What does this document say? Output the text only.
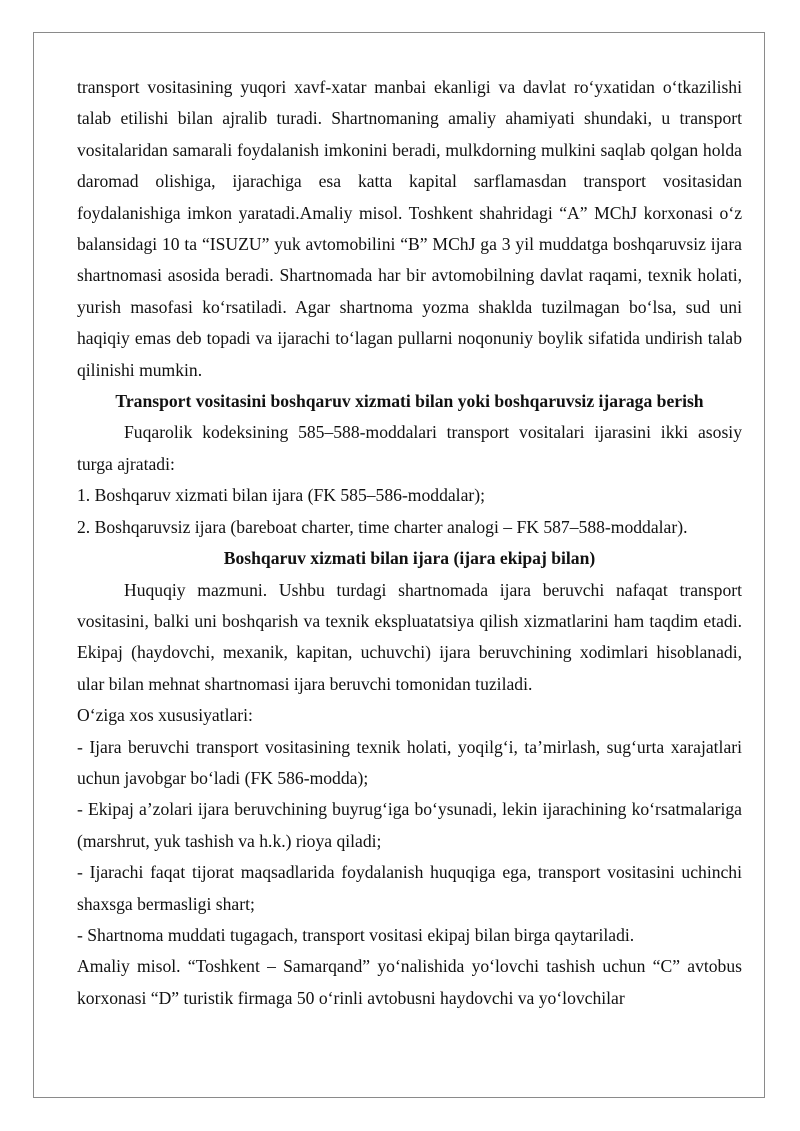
transport vositasining yuqori xavf-xatar manbai ekanligi va davlat ro‘yxatidan o‘tkazilishi talab etilishi bilan ajralib turadi. Shartnomaning amaliy ahamiyati shundaki, u transport vositalaridan samarali foydalanish imkonini beradi, mulkdorning mulkini saqlab qolgan holda daromad olishiga, ijarachiga esa katta kapital sarflamasdan transport vositasidan foydalanishiga imkon yaratadi.Amaliy misol. Toshkent shahridagi “A” MChJ korxonasi o‘z balansidagi 10 ta “ISUZU” yuk avtomobilini “B” MChJ ga 3 yil muddatga boshqaruvsiz ijara shartnomasi asosida beradi. Shartnomada har bir avtomobilning davlat raqami, texnik holati, yurish masofasi ko‘rsatiladi. Agar shartnoma yozma shaklda tuzilmagan bo‘lsa, sud uni haqiqiy emas deb topadi va ijarachi to‘lagan pullarni noqonuniy boylik sifatida undirish talab qilinishi mumkin.

Transport vositasini boshqaruv xizmati bilan yoki boshqaruvsiz ijaraga berish

Fuqarolik kodeksining 585–588-moddalari transport vositalari ijarasini ikki asosiy turga ajratadi:

1. Boshqaruv xizmati bilan ijara (FK 585–586-moddalar);

2. Boshqaruvsiz ijara (bareboat charter, time charter analogi – FK 587–588-moddalar).

Boshqaruv xizmati bilan ijara (ijara ekipaj bilan)

Huquqiy mazmuni. Ushbu turdagi shartnomada ijara beruvchi nafaqat transport vositasini, balki uni boshqarish va texnik ekspluatatsiya qilish xizmatlarini ham taqdim etadi. Ekipaj (haydovchi, mexanik, kapitan, uchuvchi) ijara beruvchining xodimlari hisoblanadi, ular bilan mehnat shartnomasi ijara beruvchi tomonidan tuziladi.

O‘ziga xos xususiyatlari:

- Ijara beruvchi transport vositasining texnik holati, yoqilg‘i, ta’mirlash, sug‘urta xarajatlari uchun javobgar bo‘ladi (FK 586-modda);

- Ekipaj a’zolari ijara beruvchining buyrug‘iga bo‘ysunadi, lekin ijarachining ko‘rsatmalariga (marshrut, yuk tashish va h.k.) rioya qiladi;

- Ijarachi faqat tijorat maqsadlarida foydalanish huquqiga ega, transport vositasini uchinchi shaxsga bermasligi shart;

- Shartnoma muddati tugagach, transport vositasi ekipaj bilan birga qaytariladi.

Amaliy misol. “Toshkent – Samarqand” yo‘nalishida yo‘lovchi tashish uchun “C” avtobus korxonasi “D” turistik firmaga 50 o‘rinli avtobusni haydovchi va yo‘lovchilar
